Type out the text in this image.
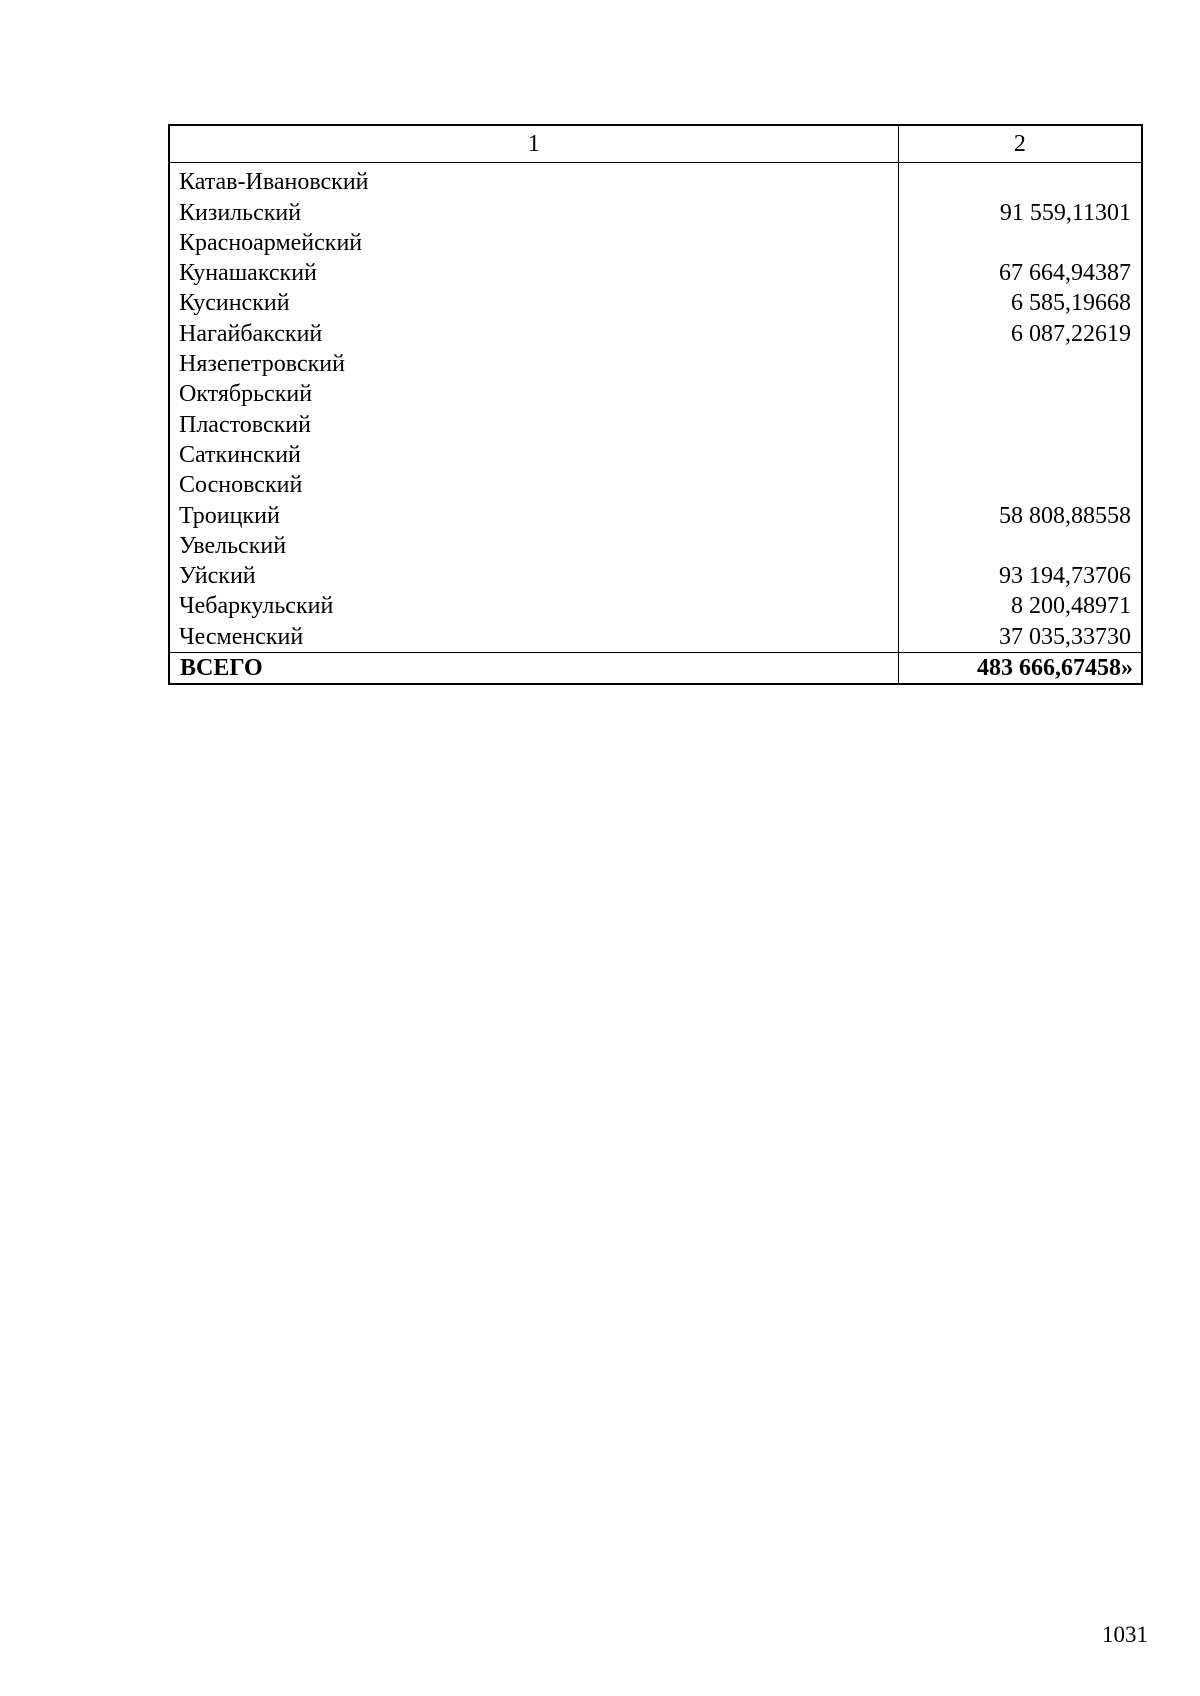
1	2
Катав-Ивановский	
Кизильский	91 559,11301
Красноармейский	
Кунашакский	67 664,94387
Кусинский	6 585,19668
Нагайбакский	6 087,22619
Нязепетровский	
Октябрьский	
Пластовский	
Саткинский	
Сосновский	
Троицкий	58 808,88558
Увельский	
Уйский	93 194,73706
Чебаркульский	8 200,48971
Чесменский	37 035,33730
ВСЕГО	483 666,67458»
1031
